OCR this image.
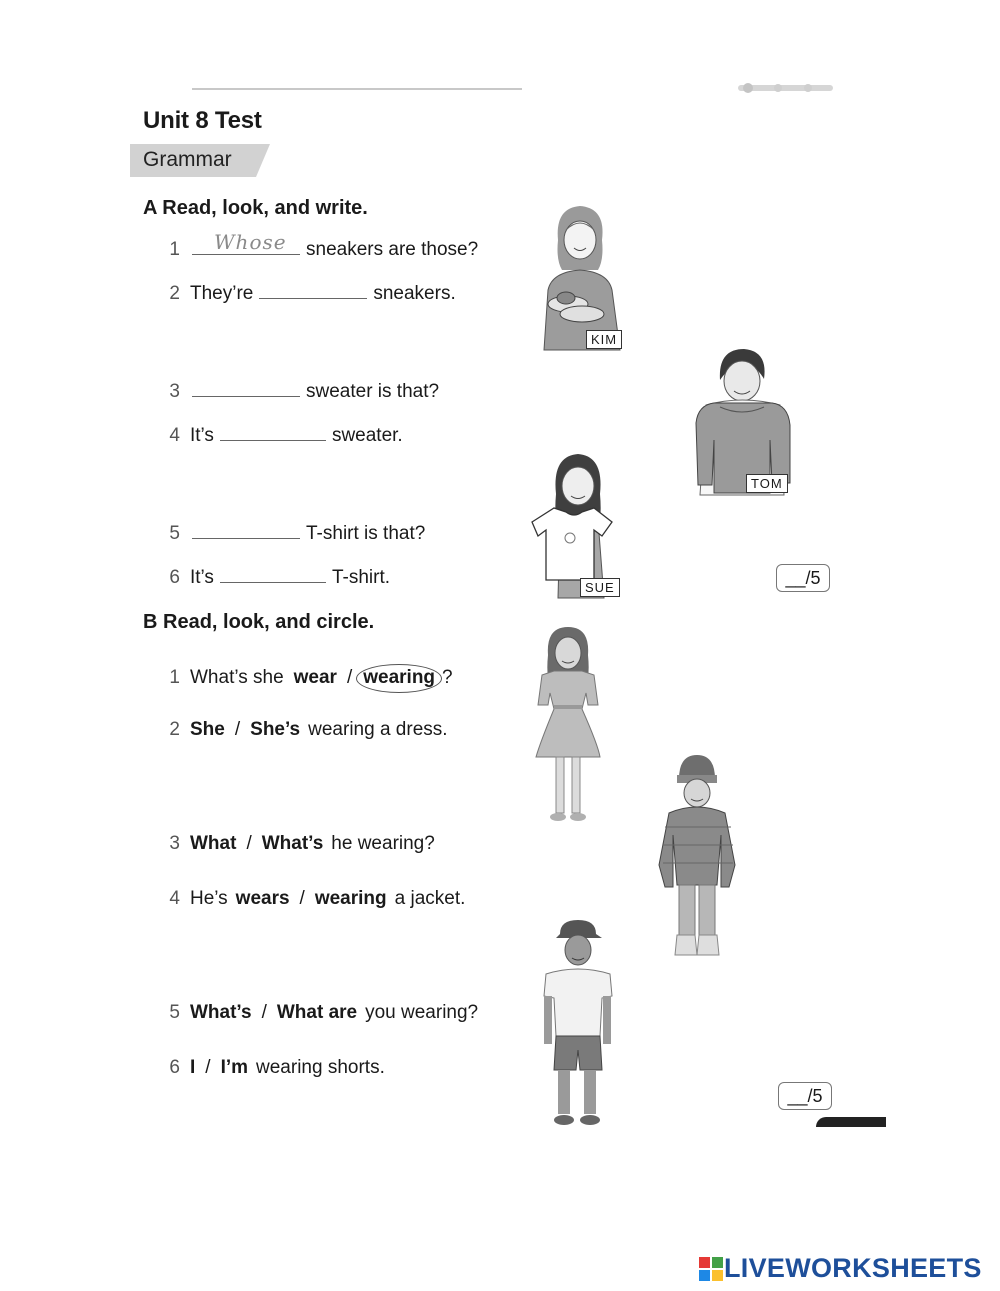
Unit 8 Test
Grammar
A Read, look, and write.
1 Whose sneakers are those?
2 They’re	sneakers.
3	sweater is that?
4 It’s	sweater.
5	T-shirt is that?
6 It’s	T-shirt.	__/5
KIM
TOM
SUE
B Read, look, and circle.
1 What’s she wear / wearing ?
2 She / She’s wearing a dress.
3 What / What’s he wearing?
4 He’s wears / wearing a jacket.
5 What’s / What are you wearing?
6 I / I’m wearing shorts.
__/5
LIVEWORKSHEETS
